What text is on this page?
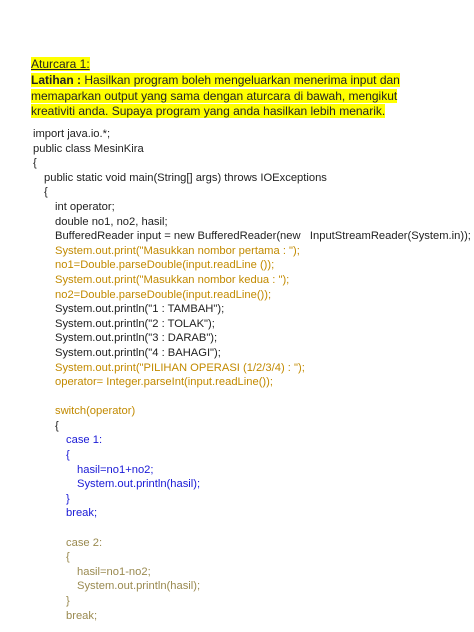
Aturcara 1:
Latihan : Hasilkan program boleh mengeluarkan menerima input dan memaparkan output yang sama dengan aturcara di bawah, mengikut kreativiti anda. Supaya program yang anda hasilkan lebih menarik.
import java.io.*;
public class MesinKira
{
public static void main(String[] args) throws IOExceptions
{
int operator;
double no1, no2, hasil;
BufferedReader input = new BufferedReader(new   InputStreamReader(System.in));
System.out.print("Masukkan nombor pertama : ");
no1=Double.parseDouble(input.readLine ());
System.out.print("Masukkan nombor kedua : ");
no2=Double.parseDouble(input.readLine());
System.out.println("1 : TAMBAH");
System.out.println("2 : TOLAK");
System.out.println("3 : DARAB");
System.out.println("4 : BAHAGI");
System.out.print("PILIHAN OPERASI (1/2/3/4) : ");
operator= Integer.parseInt(input.readLine());
switch(operator)
{
case 1:
{
hasil=no1+no2;
System.out.println(hasil);
}
break;
case 2:
{
hasil=no1-no2;
System.out.println(hasil);
}
break;
